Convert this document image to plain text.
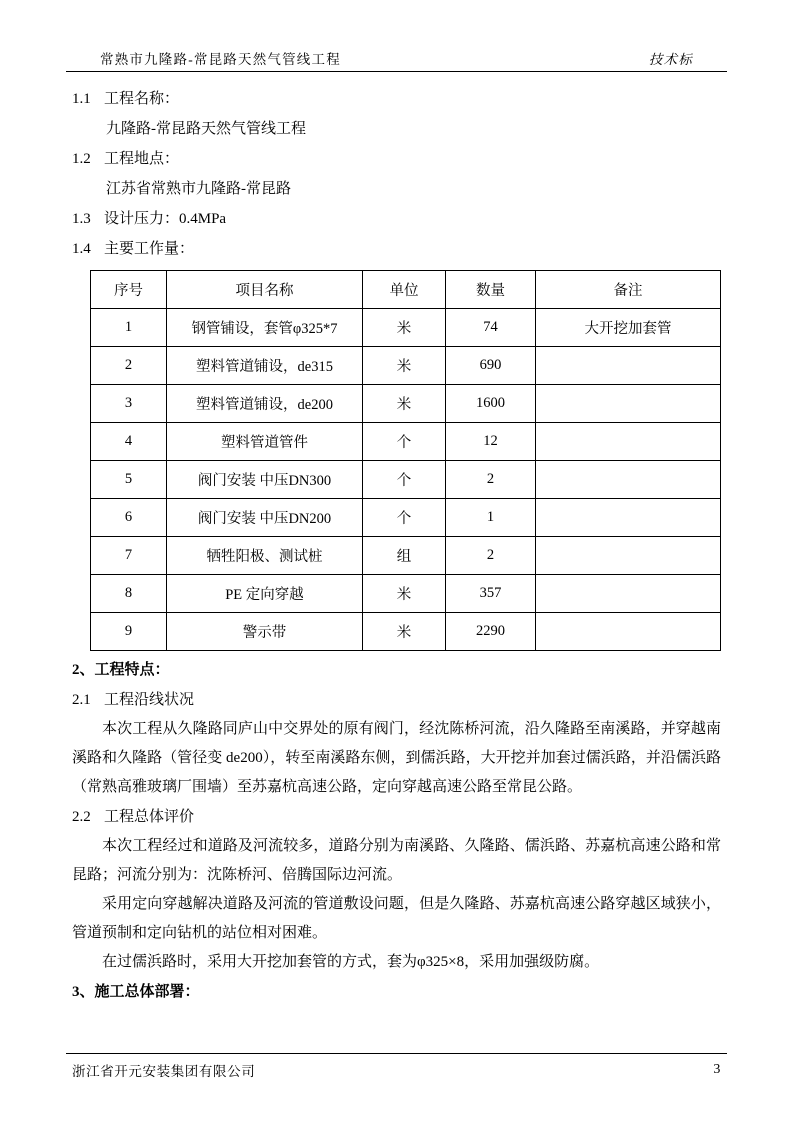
常熟市九隆路-常昆路天然气管线工程	技术标
1.1 工程名称：
九隆路-常昆路天然气管线工程
1.2 工程地点：
江苏省常熟市九隆路-常昆路
1.3 设计压力：0.4MPa
1.4 主要工作量：
序号	项目名称	单位	数量	备注
1	钢管铺设，套管φ325*7	米	74	大开挖加套管
2	塑料管道铺设，de315	米	690	
3	塑料管道铺设，de200	米	1600	
4	塑料管道管件	个	12	
5	阀门安装 中压DN300	个	2	
6	阀门安装 中压DN200	个	1	
7	牺牲阳极、测试桩	组	2	
8	PE 定向穿越	米	357	
9	警示带	米	2290	
2、工程特点：
2.1 工程沿线状况

本次工程从久隆路同庐山中交界处的原有阀门，经沈陈桥河流，沿久隆路至南溪路，并穿越南溪路和久隆路（管径变 de200），转至南溪路东侧，到儒浜路，大开挖并加套过儒浜路，并沿儒浜路（常熟高雅玻璃厂围墙）至苏嘉杭高速公路，定向穿越高速公路至常昆公路。

2.2 工程总体评价

本次工程经过和道路及河流较多，道路分别为南溪路、久隆路、儒浜路、苏嘉杭高速公路和常昆路；河流分别为：沈陈桥河、倍腾国际边河流。

采用定向穿越解决道路及河流的管道敷设问题，但是久隆路、苏嘉杭高速公路穿越区域狭小，管道预制和定向钻机的站位相对困难。

在过儒浜路时，采用大开挖加套管的方式，套为φ325×8，采用加强级防腐。

3、施工总体部署：
浙江省开元安装集团有限公司	3
